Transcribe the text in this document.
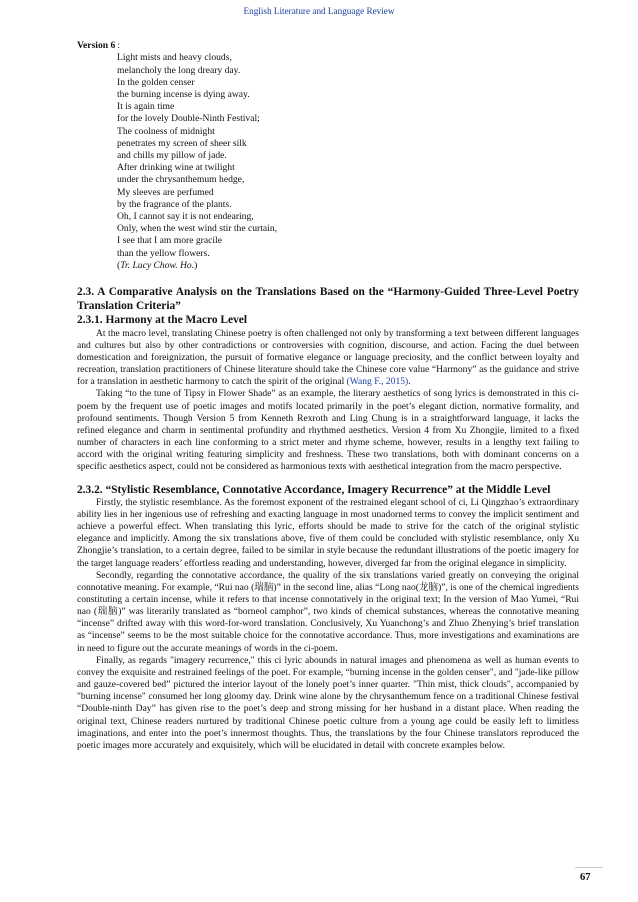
English Literature and Language Review
Version 6 :
Light mists and heavy clouds,
melancholy the long dreary day.
In the golden censer
the burning incense is dying away.
It is again time
for the lovely Double-Ninth Festival;
The coolness of midnight
penetrates my screen of sheer silk
and chills my pillow of jade.
After drinking wine at twilight
under the chrysanthemum hedge,
My sleeves are perfumed
by the fragrance of the plants.
Oh, I cannot say it is not endearing,
Only, when the west wind stir the curtain,
I see that I am more gracile
than the yellow flowers.
(Tr. Lucy Chow. Ho.)
2.3. A Comparative Analysis on the Translations Based on the “Harmony-Guided Three-Level Poetry Translation Criteria”
2.3.1. Harmony at the Macro Level

At the macro level, translating Chinese poetry is often challenged not only by transforming a text between different languages and cultures but also by other contradictions or controversies with cognition, discourse, and action. Facing the duel between domestication and foreignization, the pursuit of formative elegance or language preciosity, and the conflict between loyalty and recreation, translation practitioners of Chinese literature should take the Chinese core value “Harmony” as the guidance and strive for a translation in aesthetic harmony to catch the spirit of the original (Wang F., 2015).

Taking “to the tune of Tipsy in Flower Shade” as an example, the literary aesthetics of song lyrics is demonstrated in this ci-poem by the frequent use of poetic images and motifs located primarily in the poet’s elegant diction, normative formality, and profound sentiments. Though Version 5 from Kenneth Rexroth and Ling Chung is in a straightforward language, it lacks the refined elegance and charm in sentimental profundity and rhythmed aesthetics. Version 4 from Xu Zhongjie, limited to a fixed number of characters in each line conforming to a strict meter and rhyme scheme, however, results in a lengthy text failing to accord with the original writing featuring simplicity and freshness. These two translations, both with dominant concerns on a specific aesthetics aspect, could not be considered as harmonious texts with aesthetical integration from the macro perspective.

2.3.2. “Stylistic Resemblance, Connotative Accordance, Imagery Recurrence” at the Middle Level

Firstly, the stylistic resemblance. As the foremost exponent of the restrained elegant school of ci, Li Qingzhao’s extraordinary ability lies in her ingenious use of refreshing and exacting language in most unadorned terms to convey the implicit sentiment and achieve a powerful effect. When translating this lyric, efforts should be made to strive for the catch of the original stylistic elegance and implicitly. Among the six translations above, five of them could be concluded with stylistic resemblance, only Xu Zhongjie’s translation, to a certain degree, failed to be similar in style because the redundant illustrations of the poetic imagery for the target language readers’ effortless reading and understanding, however, diverged far from the original elegance in simplicity.

Secondly, regarding the connotative accordance, the quality of the six translations varied greatly on conveying the original connotative meaning. For example, “Rui nao (瑞脑)” in the second line, alias “Long nao(龙脑)”, is one of the chemical ingredients constituting a certain incense, while it refers to that incense connotatively in the original text; In the version of Mao Yumei, “Rui nao (瑞脑)” was literarily translated as “borneol camphor”, two kinds of chemical substances, whereas the connotative meaning “incense” drifted away with this word-for-word translation. Conclusively, Xu Yuanchong’s and Zhuo Zhenying’s brief translation as “incense” seems to be the most suitable choice for the connotative accordance. Thus, more investigations and examinations are in need to figure out the accurate meanings of words in the ci-poem.

Finally, as regards "imagery recurrence," this ci lyric abounds in natural images and phenomena as well as human events to convey the exquisite and restrained feelings of the poet. For example, “burning incense in the golden censer", and "jade-like pillow and gauze-covered bed” pictured the interior layout of the lonely poet’s inner quarter. "Thin mist, thick clouds", accompanied by "burning incense" consumed her long gloomy day. Drink wine alone by the chrysanthemum fence on a traditional Chinese festival “Double-ninth Day” has given rise to the poet’s deep and strong missing for her husband in a distant place. When reading the original text, Chinese readers nurtured by traditional Chinese poetic culture from a young age could be easily left to limitless imaginations, and enter into the poet’s innermost thoughts. Thus, the translations by the four Chinese translators reproduced the poetic images more accurately and exquisitely, which will be elucidated in detail with concrete examples below.

67
